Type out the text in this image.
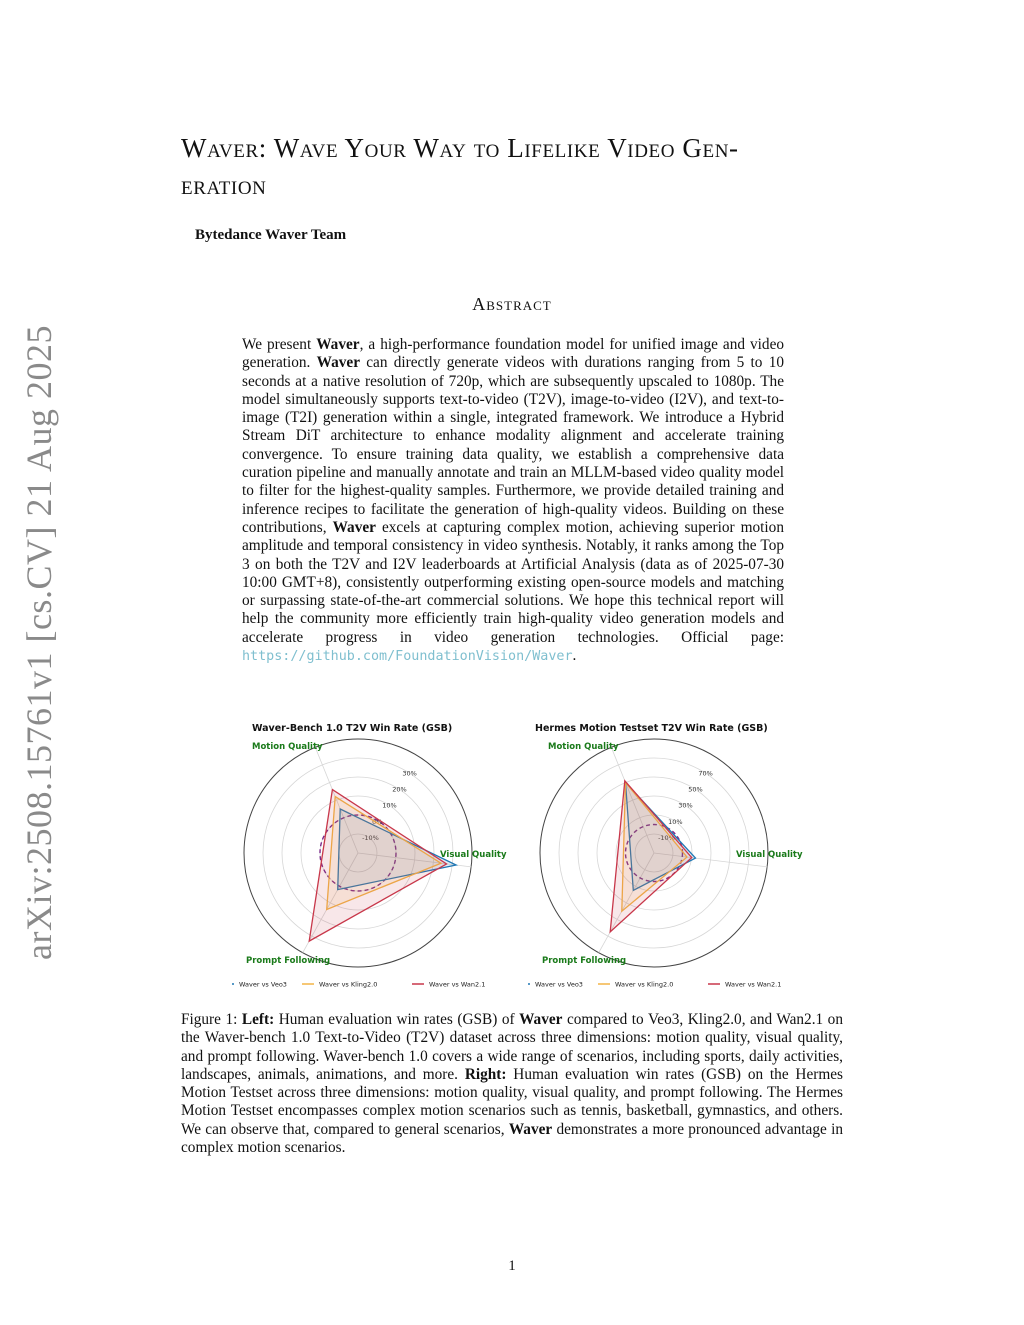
arXiv:2508.15761v1 [cs.CV] 21 Aug 2025
Waver: Wave Your Way to Lifelike Video Gen-
eration
Bytedance Waver Team
Abstract
We present Waver, a high-performance foundation model for unified image and video generation. Waver can directly generate videos with durations ranging from 5 to 10 seconds at a native resolution of 720p, which are subsequently upscaled to 1080p. The model simultaneously supports text-to-video (T2V), image-to-video (I2V), and text-to-image (T2I) generation within a single, integrated framework. We introduce a Hybrid Stream DiT architecture to enhance modality alignment and accelerate training convergence. To ensure training data quality, we establish a comprehensive data curation pipeline and manually annotate and train an MLLM-based video quality model to filter for the highest-quality samples. Furthermore, we provide detailed training and inference recipes to facilitate the generation of high-quality videos. Building on these contributions, Waver excels at capturing complex motion, achieving superior motion amplitude and temporal consistency in video synthesis. Notably, it ranks among the Top 3 on both the T2V and I2V leaderboards at Artificial Analysis (data as of 2025-07-30 10:00 GMT+8), consistently outperforming existing open-source models and matching or surpassing state-of-the-art commercial solutions. We hope this technical report will help the community more efficiently train high-quality video generation models and accelerate progress in video generation technologies. Official page: https://github.com/FoundationVision/Waver.
Waver-Bench 1.0 T2V Win Rate (GSB)
-10%
0%
10%
20%
30%
Motion Quality
Visual Quality
Prompt Following
Waver vs Veo3	Waver vs Kling2.0	Waver vs Wan2.1
Hermes Motion Testset T2V Win Rate (GSB)
-10%
10%
30%
50%
70%
Motion Quality
Visual Quality
Prompt Following
Waver vs Veo3	Waver vs Kling2.0	Waver vs Wan2.1
Figure 1: Left: Human evaluation win rates (GSB) of Waver compared to Veo3, Kling2.0, and Wan2.1 on the Waver-bench 1.0 Text-to-Video (T2V) dataset across three dimensions: motion quality, visual quality, and prompt following. Waver-bench 1.0 covers a wide range of scenarios, including sports, daily activities, landscapes, animals, animations, and more. Right: Human evaluation win rates (GSB) on the Hermes Motion Testset across three dimensions: motion quality, visual quality, and prompt following. The Hermes Motion Testset encompasses complex motion scenarios such as tennis, basketball, gymnastics, and others. We can observe that, compared to general scenarios, Waver demonstrates a more pronounced advantage in complex motion scenarios.
1
